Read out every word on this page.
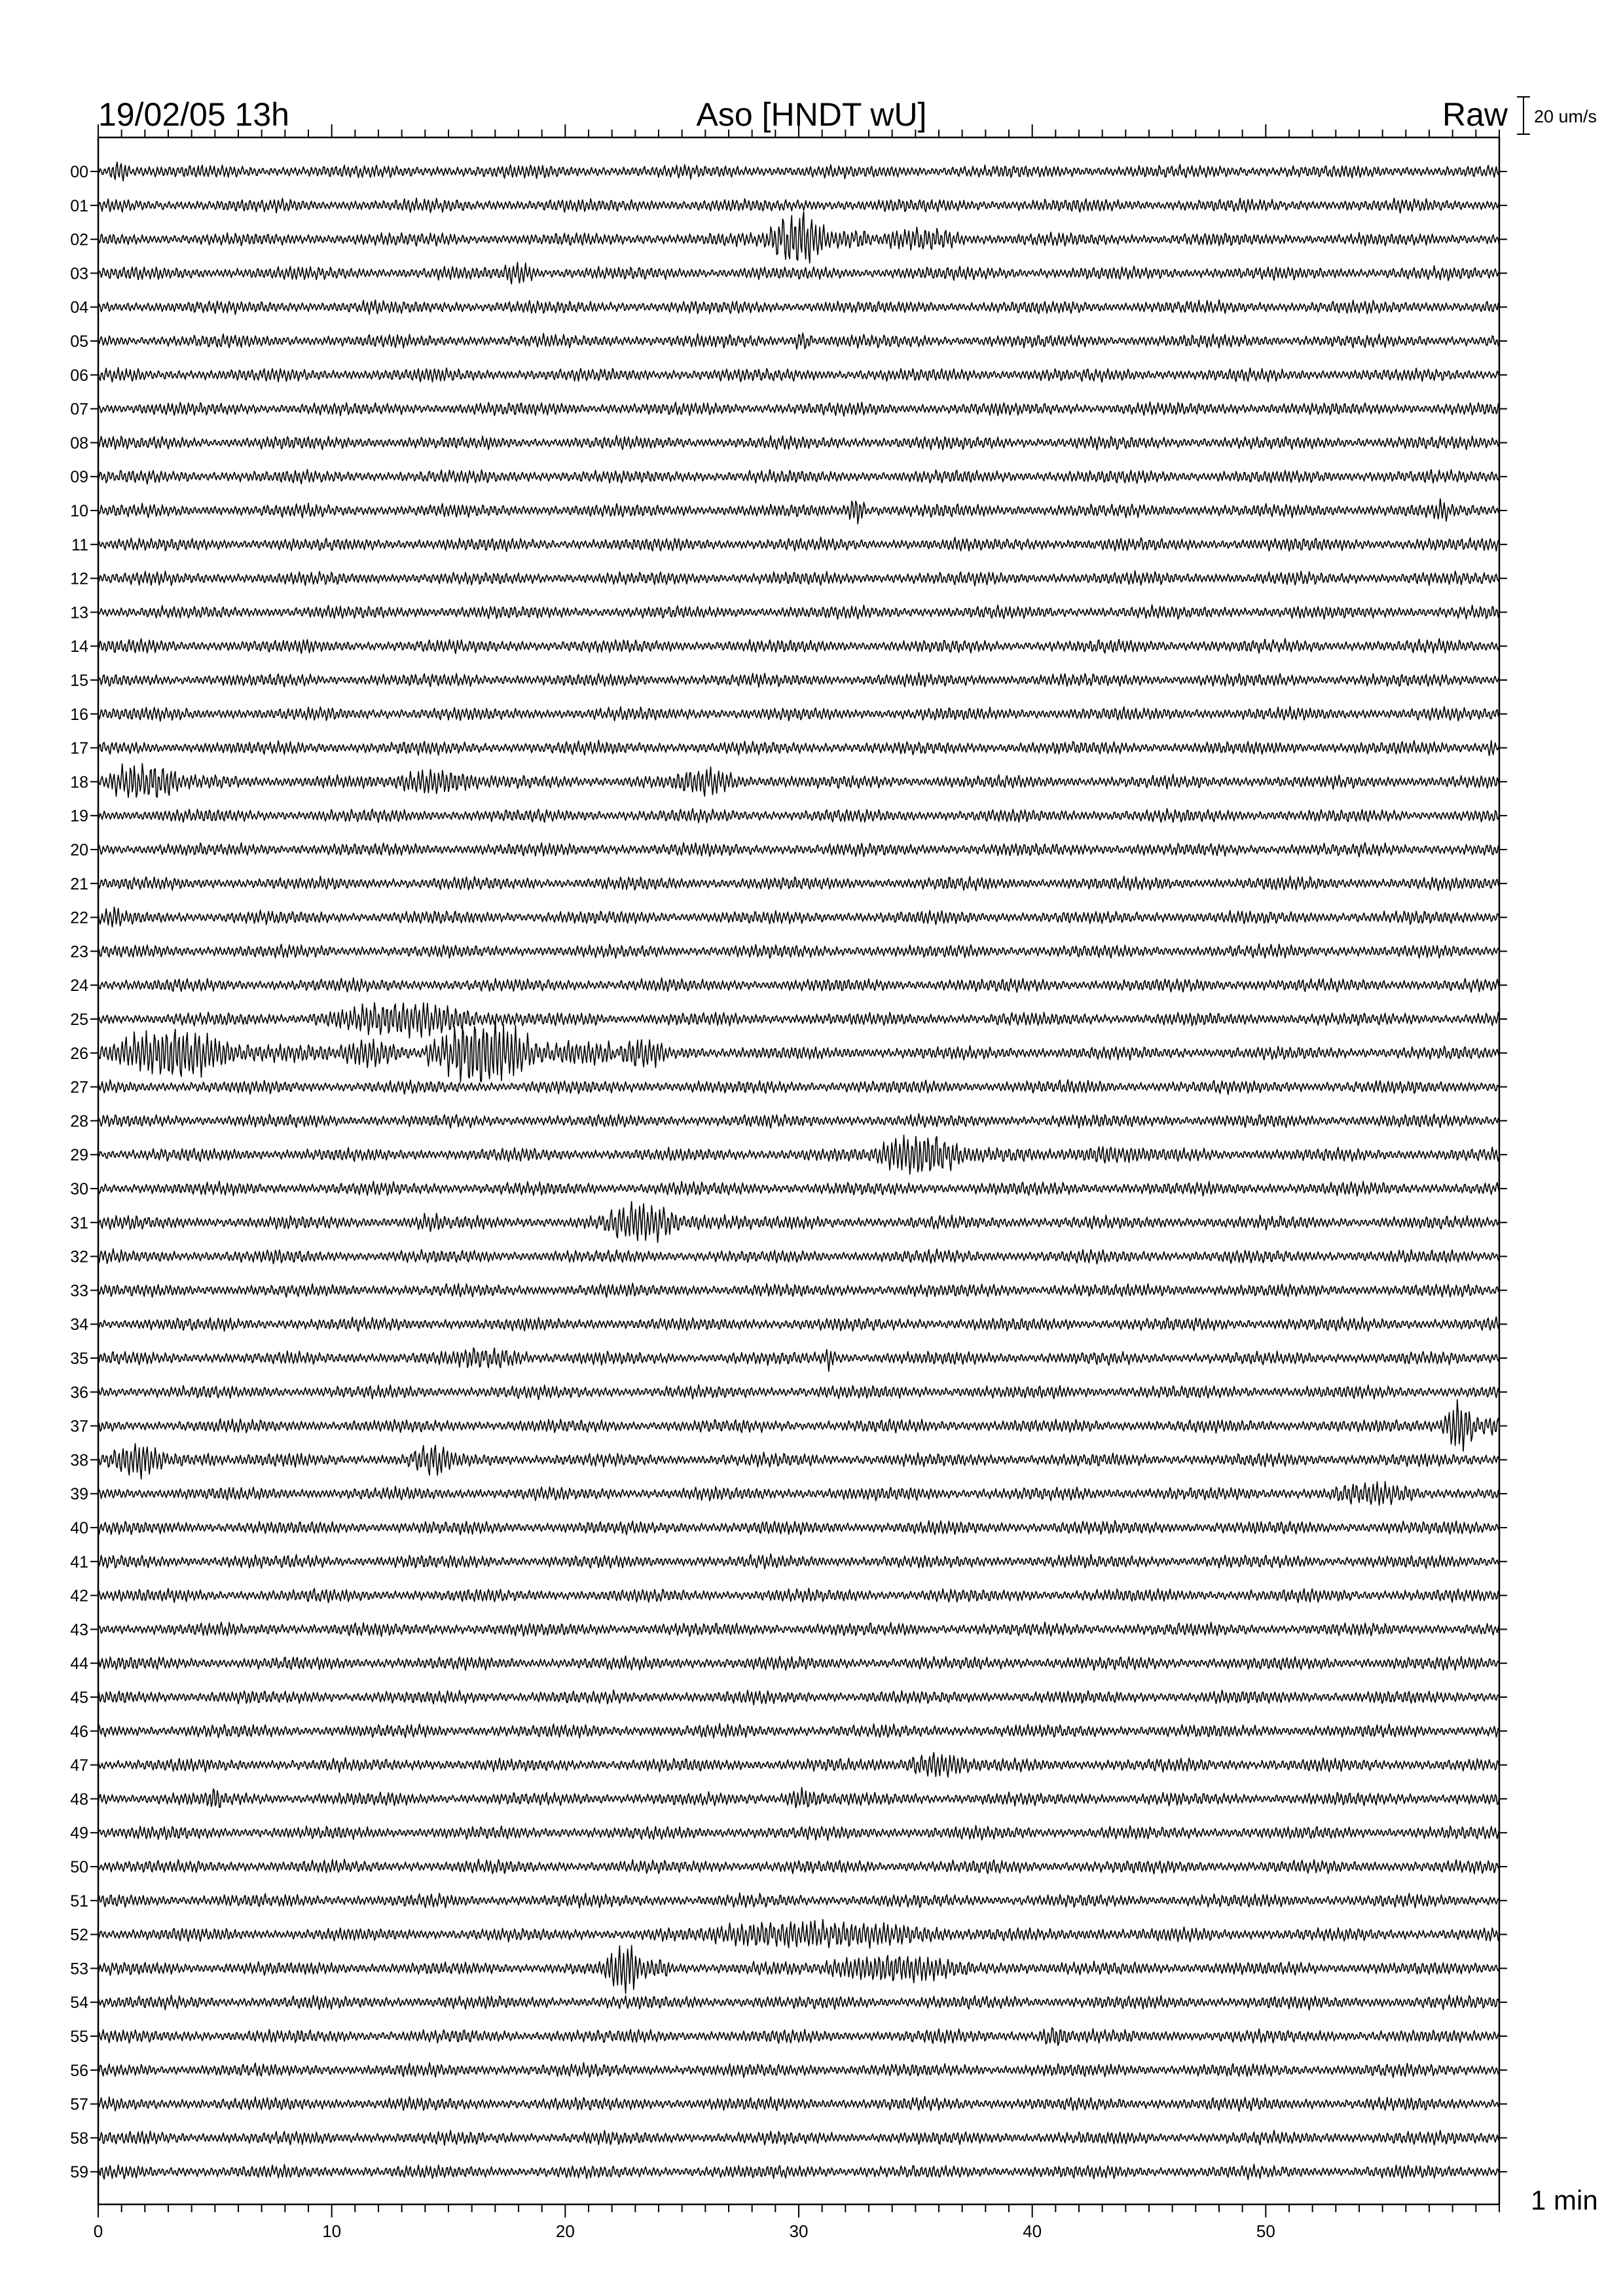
19/02/05 13h	Aso [HNDT wU]	Raw 20 um/s
1 min
00
01
02
03
04
05
06
07
08
09
10
11
12
13
14
15
16
17
18
19
20
21
22
23
24
25
26
27
28
29
30
31
32
33
34
35
36
37
38
39
40
41
42
43
44
45
46
47
48
49
50
51
52
53
54
55
56
57
58
59
0	10	20	30	40	50
